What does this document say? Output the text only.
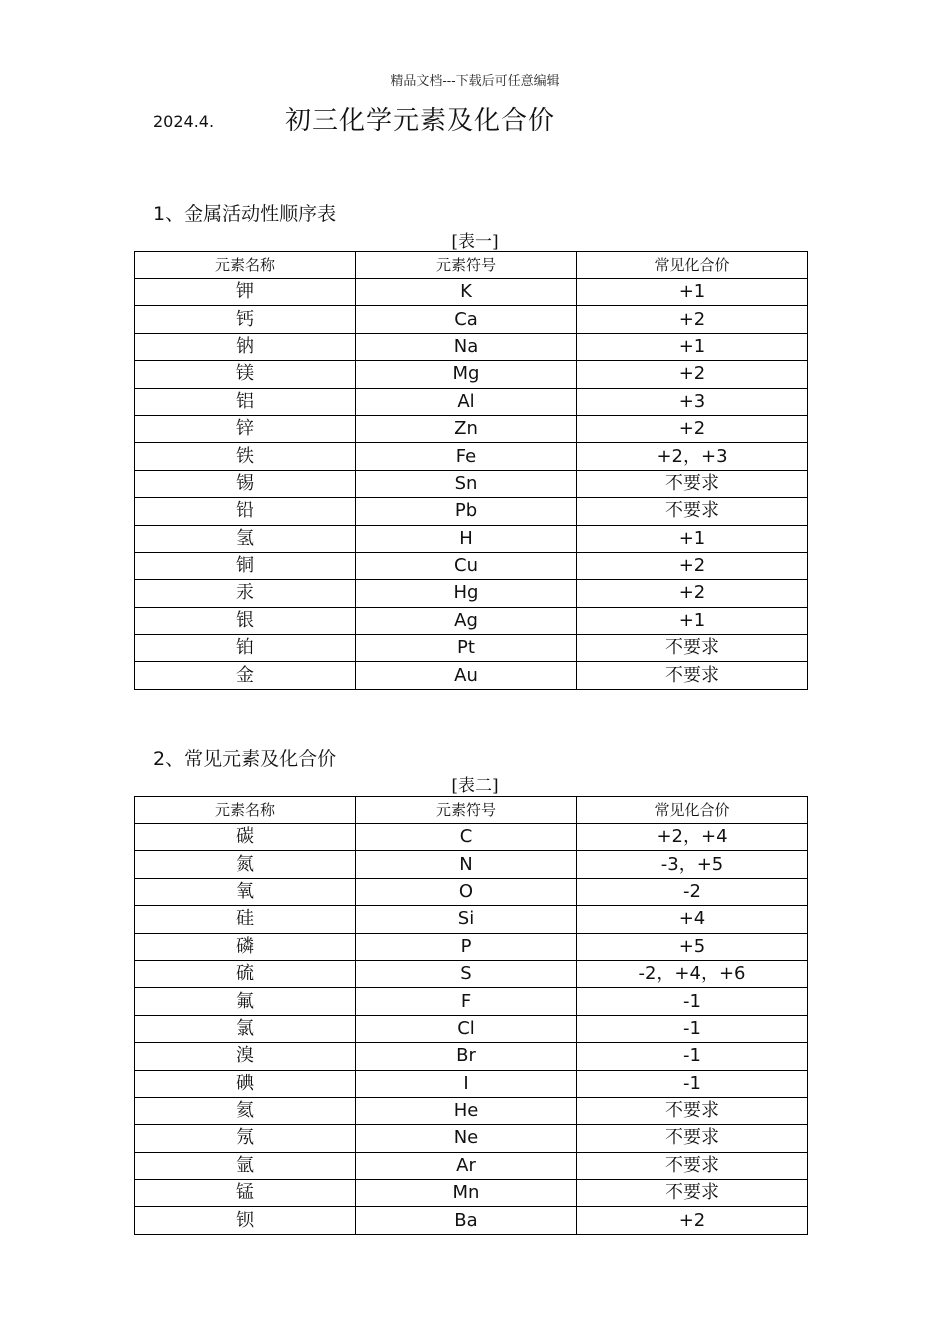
精品文档---下载后可任意编辑
2024.4.	初三化学元素及化合价
1、金属活动性顺序表
[表一]
元素名称	元素符号	常见化合价
钾	K	+1
钙	Ca	+2
钠	Na	+1
镁	Mg	+2
铝	Al	+3
锌	Zn	+2
铁	Fe	+2，+3
锡	Sn	不要求
铅	Pb	不要求
氢	H	+1
铜	Cu	+2
汞	Hg	+2
银	Ag	+1
铂	Pt	不要求
金	Au	不要求
2、常见元素及化合价
[表二]
元素名称	元素符号	常见化合价
碳	C	+2，+4
氮	N	-3，+5
氧	O	-2
硅	Si	+4
磷	P	+5
硫	S	-2，+4，+6
氟	F	-1
氯	Cl	-1
溴	Br	-1
碘	I	-1
氦	He	不要求
氖	Ne	不要求
氩	Ar	不要求
锰	Mn	不要求
钡	Ba	+2
